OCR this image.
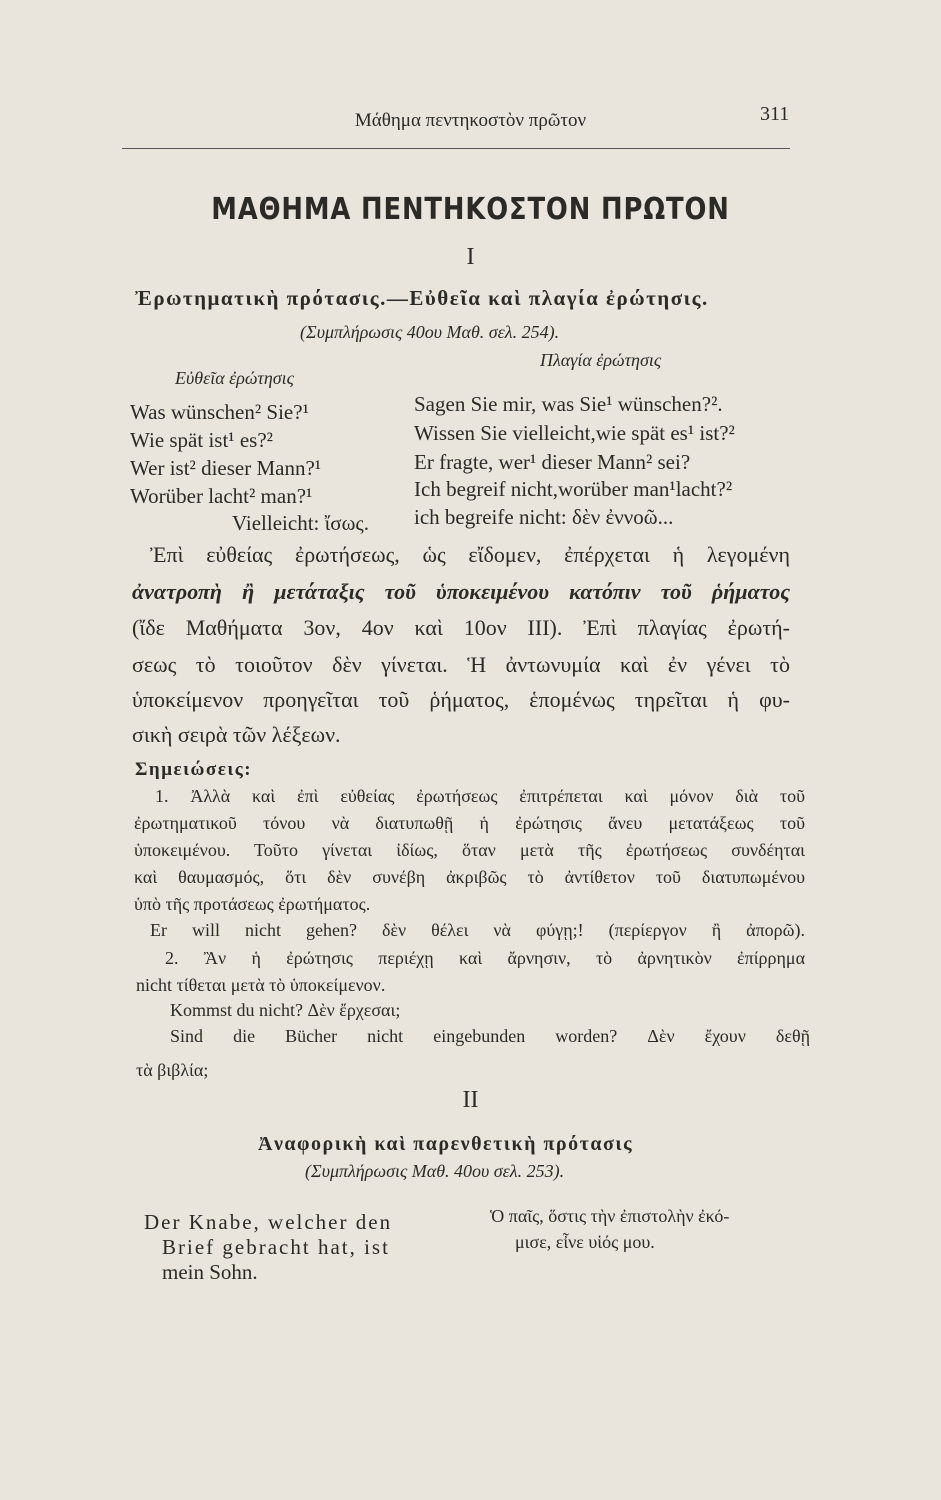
Μάθημα πεντηκοστὸν πρῶτον	311
ΜΑΘΗΜΑ ΠΕΝΤΗΚΟΣΤΟΝ ΠΡΩΤΟΝ
I
Ἐρωτηματικὴ πρότασις.—Εὐθεῖα καὶ πλαγία ἐρώτησις.
(Συμπλήρωσις 40ου Μαθ. σελ. 254).
Εὐθεῖα ἐρώτησις
Πλαγία ἐρώτησις
Was wünschen² Sie?¹
Wie spät ist¹ es?²
Wer ist² dieser Mann?¹
Worüber lacht² man?¹
Vielleicht: ἴσως.
Sagen Sie mir, was Sie¹ wünschen?².
Wissen Sie vielleicht,wie spät es¹ ist?²
Er fragte, wer¹ dieser Mann² sei?
Ich begreif nicht,worüber man¹lacht?²
ich begreife nicht: δὲν ἐννοῶ...
Ἐπὶ εὐθείας ἐρωτήσεως, ὡς εἴδομεν, ἐπέρχεται ἡ λεγομένη
ἀνατροπὴ ἢ μετάταξις τοῦ ὑποκειμένου κατόπιν τοῦ ῥήματος
(ἴδε Μαθήματα 3ον, 4ον καὶ 10ον III). Ἐπὶ πλαγίας ἐρωτή-
σεως τὸ τοιοῦτον δὲν γίνεται. Ἡ ἀντωνυμία καὶ ἐν γένει τὸ
ὑποκείμενον προηγεῖται τοῦ ῥήματος, ἑπομένως τηρεῖται ἡ φυ-
σικὴ σειρὰ τῶν λέξεων.
Σημειώσεις:
1. Ἀλλὰ καὶ ἐπὶ εὐθείας ἐρωτήσεως ἐπιτρέπεται καὶ μόνον διὰ τοῦ
ἐρωτηματικοῦ τόνου νὰ διατυπωθῇ ἡ ἐρώτησις ἄνευ μετατάξεως τοῦ
ὑποκειμένου. Τοῦτο γίνεται ἰδίως, ὅταν μετὰ τῆς ἐρωτήσεως συνδέηται
καὶ θαυμασμός, ὅτι δὲν συνέβη ἀκριβῶς τὸ ἀντίθετον τοῦ διατυπωμένου
ὑπὸ τῆς προτάσεως ἐρωτήματος.
Er will nicht gehen? δὲν θέλει νὰ φύγῃ;! (περίεργον ἢ ἀπορῶ).
2. Ἂν ἡ ἐρώτησις περιέχῃ καὶ ἄρνησιν, τὸ ἀρνητικὸν ἐπίρρημα
nicht τίθεται μετὰ τὸ ὑποκείμενον.
Kommst du nicht? Δὲν ἔρχεσαι;
Sind die Bücher nicht eingebunden worden? Δὲν ἔχουν δεθῇ
τὰ βιβλία;
II
Ἀναφορικὴ καὶ παρενθετικὴ πρότασις
(Συμπλήρωσις Μαθ. 40ου σελ. 253).
Der Knabe, welcher den
Brief gebracht hat, ist
mein Sohn.
Ὁ παῖς, ὅστις τὴν ἐπιστολὴν ἐκό-
μισε, εἶνε υἱός μου.
